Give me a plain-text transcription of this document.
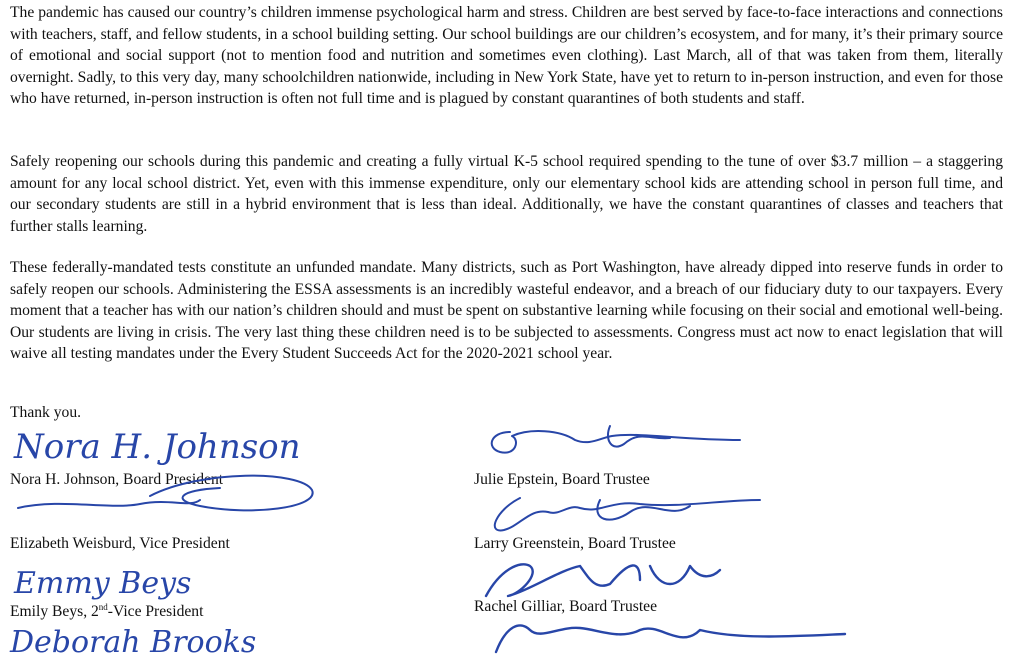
The pandemic has caused our country’s children immense psychological harm and stress. Children are best served by face-to-face interactions and connections with teachers, staff, and fellow students, in a school building setting. Our school buildings are our children’s ecosystem, and for many, it’s their primary source of emotional and social support (not to mention food and nutrition and sometimes even clothing). Last March, all of that was taken from them, literally overnight. Sadly, to this very day, many schoolchildren nationwide, including in New York State, have yet to return to in-person instruction, and even for those who have returned, in-person instruction is often not full time and is plagued by constant quarantines of both students and staff.

Safely reopening our schools during this pandemic and creating a fully virtual K-5 school required spending to the tune of over $3.7 million – a staggering amount for any local school district. Yet, even with this immense expenditure, only our elementary school kids are attending school in person full time, and our secondary students are still in a hybrid environment that is less than ideal. Additionally, we have the constant quarantines of classes and teachers that further stalls learning.

These federally-mandated tests constitute an unfunded mandate. Many districts, such as Port Washington, have already dipped into reserve funds in order to safely reopen our schools. Administering the ESSA assessments is an incredibly wasteful endeavor, and a breach of our fiduciary duty to our taxpayers. Every moment that a teacher has with our nation’s children should and must be spent on substantive learning while focusing on their social and emotional well-being. Our students are living in crisis. The very last thing these children need is to be subjected to assessments. Congress must act now to enact legislation that will waive all testing mandates under the Every Student Succeeds Act for the 2020-2021 school year.

Thank you.
Nora H. Johnson, Board President	Julie Epstein, Board Trustee
Elizabeth Weisburd, Vice President	Larry Greenstein, Board Trustee
Emily Beys, 2nd-Vice President	Rachel Gilliar, Board Trustee
Nora H. Johnson
Emmy Beys
Deborah Brooks
